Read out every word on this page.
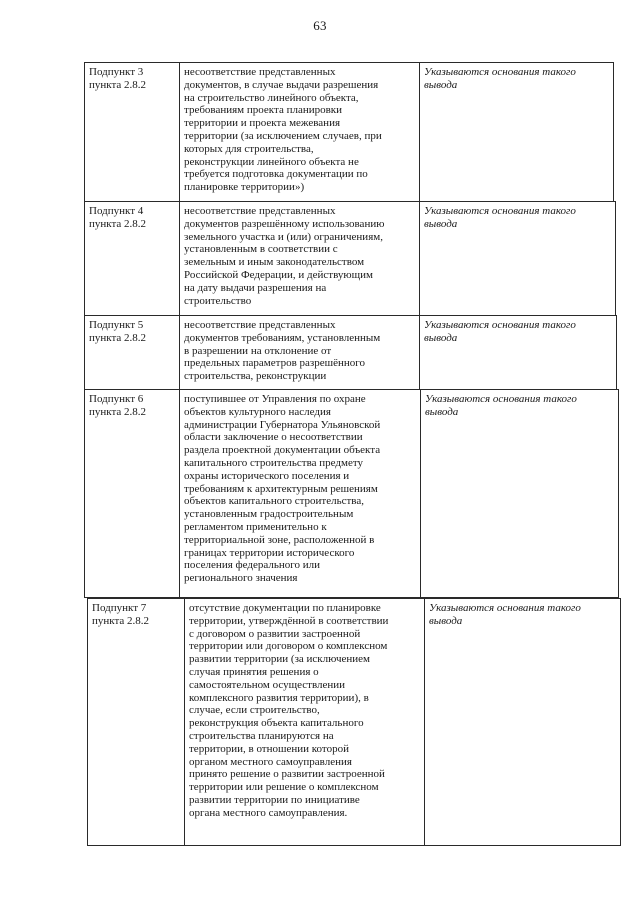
63
Подпункт 3
пункта 2.8.2
несоответствие представленных
документов, в случае выдачи разрешения
на строительство линейного объекта,
требованиям проекта планировки
территории и проекта межевания
территории (за исключением случаев, при
которых для строительства,
реконструкции линейного объекта не
требуется подготовка документации по
планировке территории»)
Указываются основания такого
вывода
Подпункт 4
пункта 2.8.2
несоответствие представленных
документов разрешённому использованию
земельного участка и (или) ограничениям,
установленным в соответствии с
земельным и иным законодательством
Российской Федерации, и действующим
на дату выдачи разрешения на
строительство
Указываются основания такого
вывода
Подпункт 5
пункта 2.8.2
несоответствие представленных
документов требованиям, установленным
в разрешении на отклонение от
предельных параметров разрешённого
строительства, реконструкции
Указываются основания такого
вывода
Подпункт 6
пункта 2.8.2
поступившее от Управления по охране
объектов культурного наследия
администрации Губернатора Ульяновской
области заключение о несоответствии
раздела проектной документации объекта
капитального строительства предмету
охраны исторического поселения и
требованиям к архитектурным решениям
объектов капитального строительства,
установленным градостроительным
регламентом применительно к
территориальной зоне, расположенной в
границах территории исторического
поселения федерального или
регионального значения
Указываются основания такого
вывода
Подпункт 7
пункта 2.8.2
отсутствие документации по планировке
территории, утверждённой в соответствии
с договором о развитии застроенной
территории или договором о комплексном
развитии территории (за исключением
случая принятия решения о
самостоятельном осуществлении
комплексного развития территории), в
случае, если строительство,
реконструкция объекта капитального
строительства планируются на
территории, в отношении которой
органом местного самоуправления
принято решение о развитии застроенной
территории или решение о комплексном
развитии территории по инициативе
органа местного самоуправления.
Указываются основания такого
вывода
